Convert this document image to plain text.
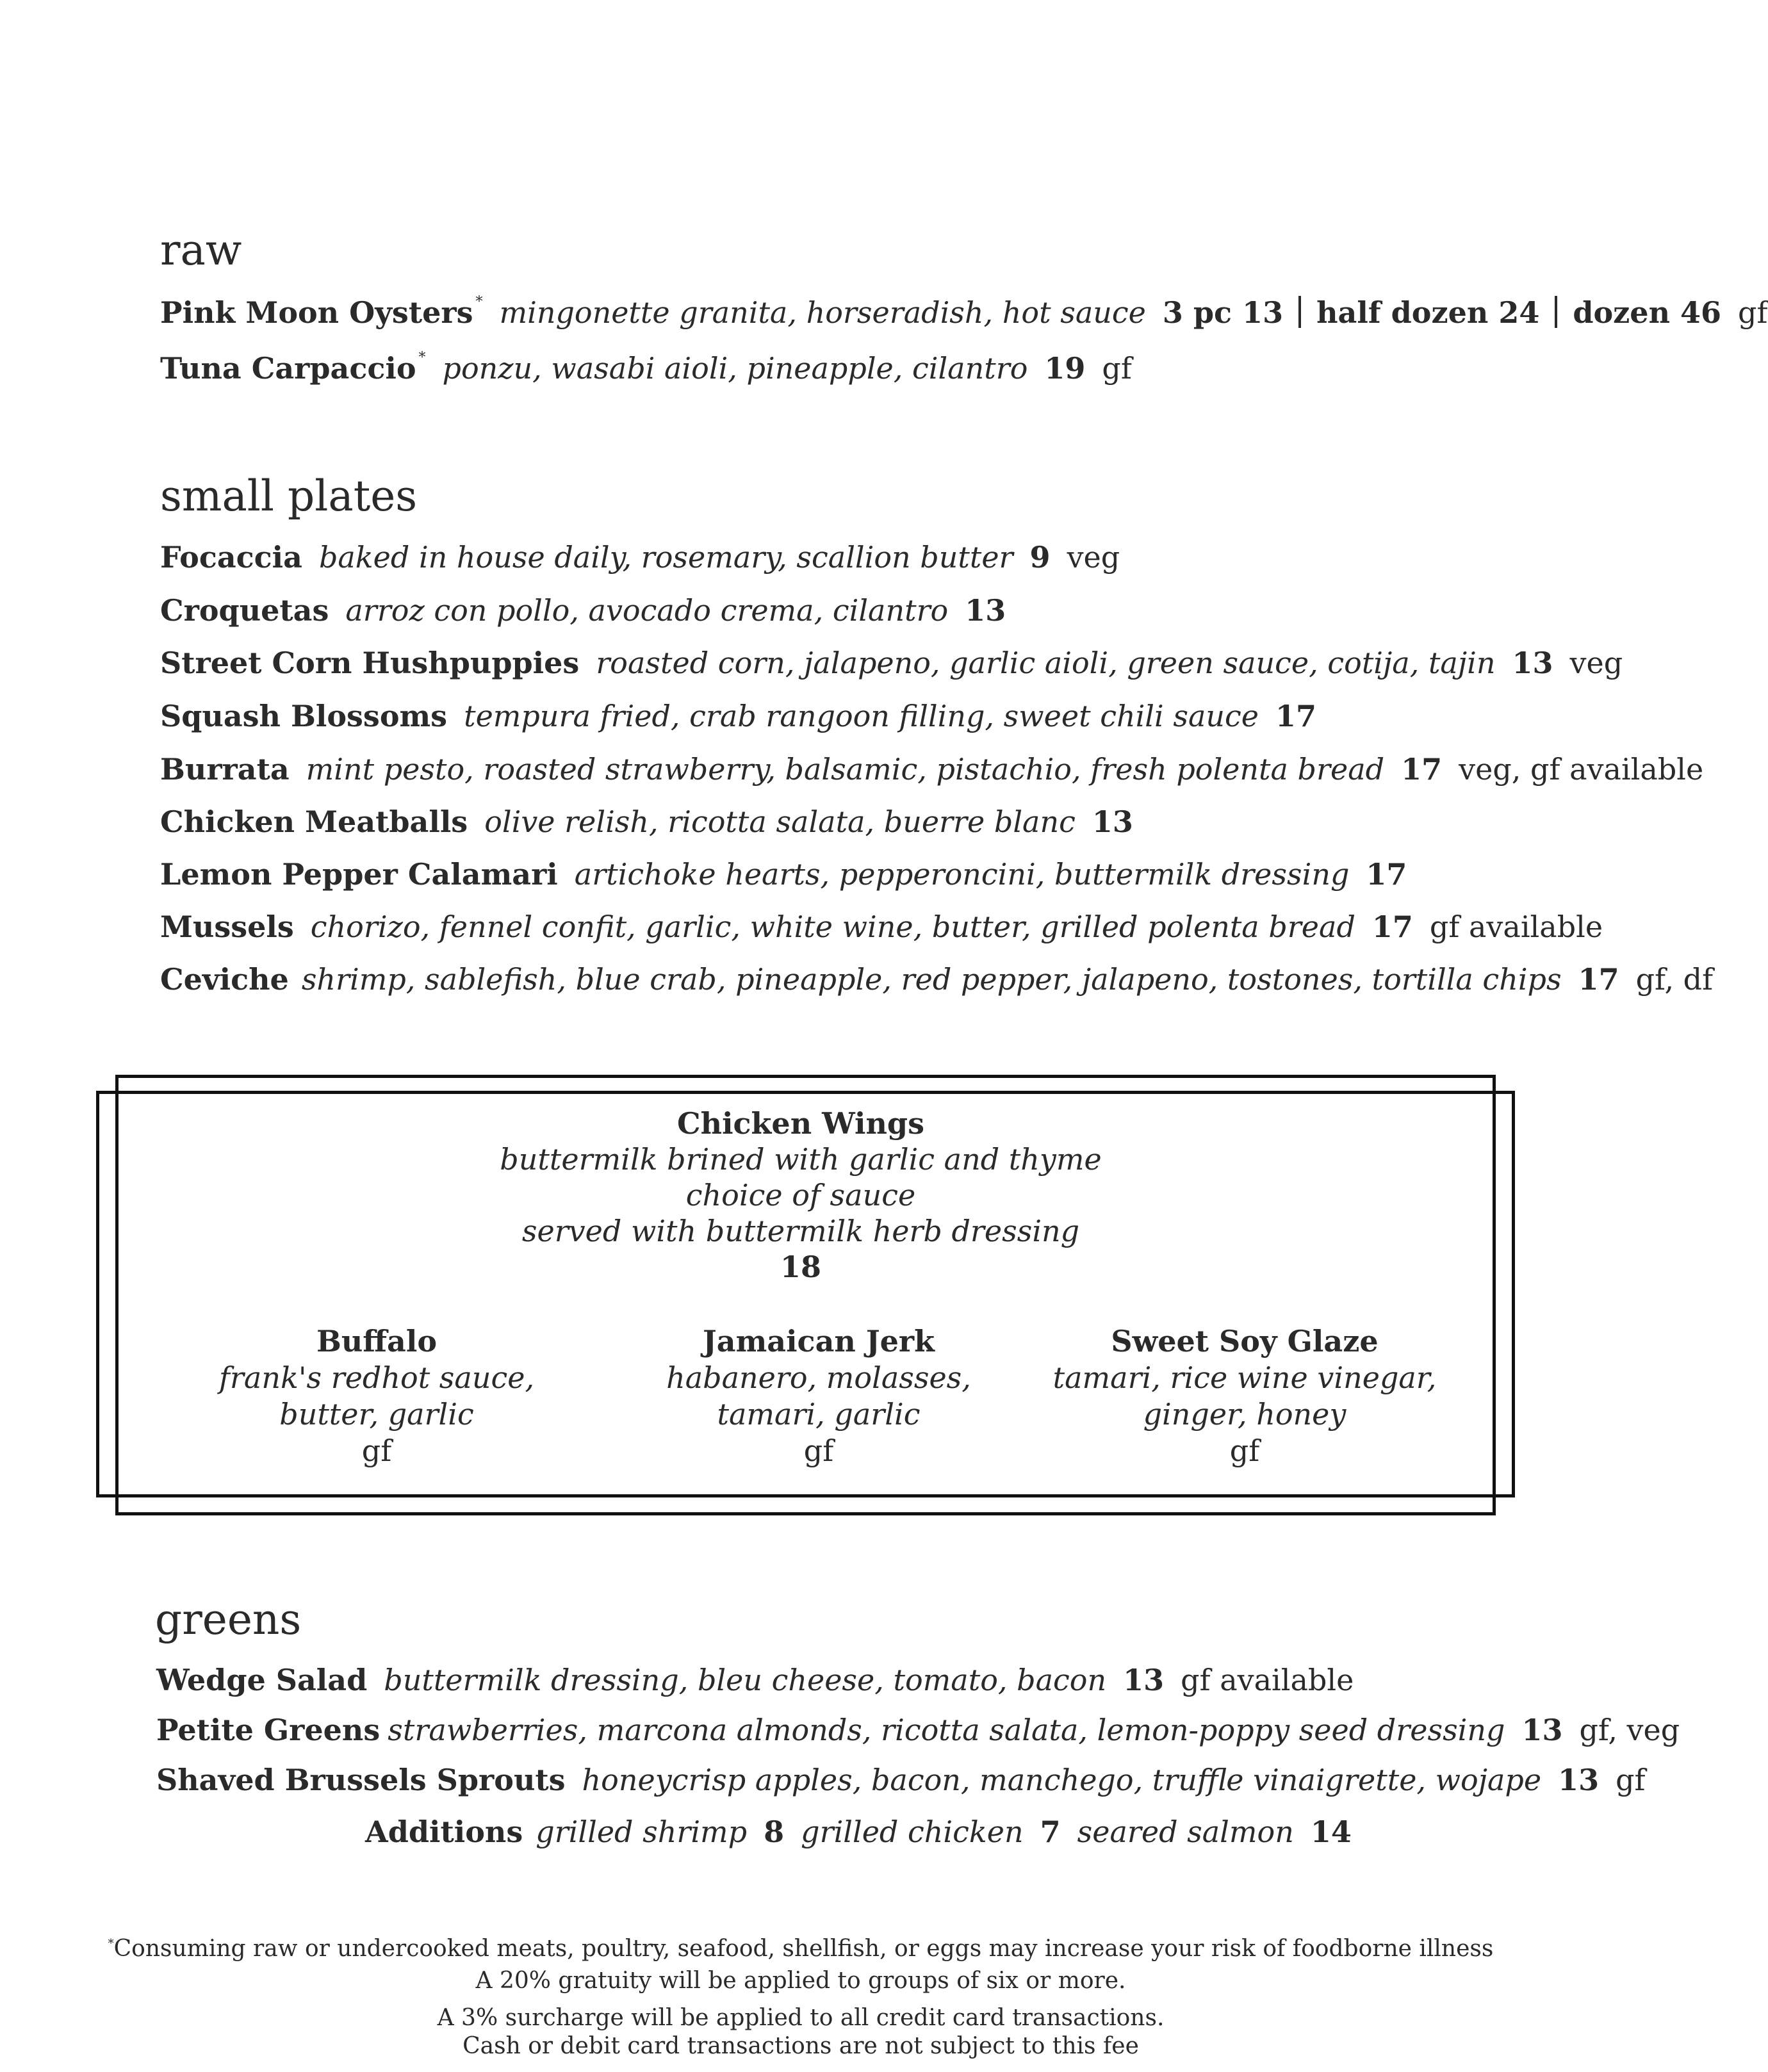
raw
Pink Moon Oysters * mingonette granita, horseradish, hot sauce 3 pc 13 half dozen 24 dozen 46 gf
Tuna Carpaccio * ponzu, wasabi aioli, pineapple, cilantro 19 gf
small plates
Focaccia baked in house daily, rosemary, scallion butter 9 veg
Croquetas arroz con pollo, avocado crema, cilantro 13
Street Corn Hushpuppies roasted corn, jalapeno, garlic aioli, green sauce, cotija, tajin 13 veg
Squash Blossoms tempura fried, crab rangoon filling, sweet chili sauce 17
Burrata mint pesto, roasted strawberry, balsamic, pistachio, fresh polenta bread 17 veg, gf available
Chicken Meatballs olive relish, ricotta salata, buerre blanc 13
Lemon Pepper Calamari artichoke hearts, pepperoncini, buttermilk dressing 17
Mussels chorizo, fennel confit, garlic, white wine, butter, grilled polenta bread 17 gf available
Ceviche shrimp, sablefish, blue crab, pineapple, red pepper, jalapeno, tostones, tortilla chips 17 gf, df
Chicken Wings
buttermilk brined with garlic and thyme
choice of sauce
served with buttermilk herb dressing
18
Buffalo
frank's redhot sauce,
butter, garlic
gf
Jamaican Jerk
habanero, molasses,
tamari, garlic
gf
Sweet Soy Glaze
tamari, rice wine vinegar,
ginger, honey
gf
greens
Wedge Salad buttermilk dressing, bleu cheese, tomato, bacon 13 gf available
Petite Greens strawberries, marcona almonds, ricotta salata, lemon-poppy seed dressing 13 gf, veg
Shaved Brussels Sprouts honeycrisp apples, bacon, manchego, truffle vinaigrette, wojape 13 gf
Additions grilled shrimp 8 grilled chicken 7 seared salmon 14
*Consuming raw or undercooked meats, poultry, seafood, shellfish, or eggs may increase your risk of foodborne illness
A 20% gratuity will be applied to groups of six or more.
A 3% surcharge will be applied to all credit card transactions.
Cash or debit card transactions are not subject to this fee
